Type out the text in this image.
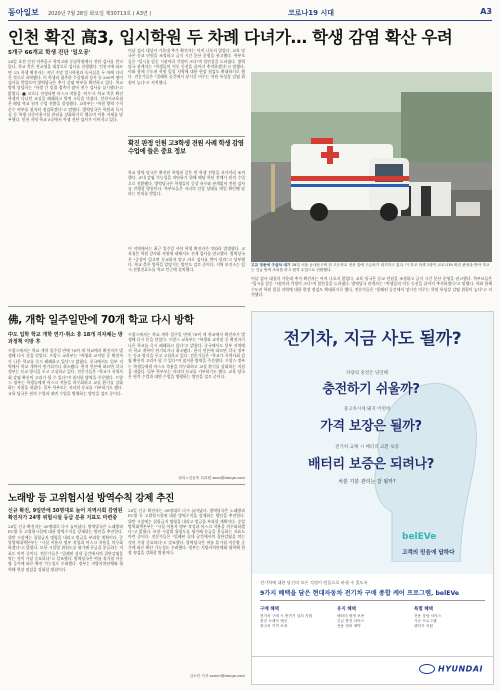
동아일보 2020년 7월 28일 화요일 제30713호 ( A3면 )	코로나19 시대	A3
인천 확진 高3, 입시학원 두 차례 다녀가… 학생 감염 확산 우려
5개구 66개교 학생 진단 '일오공'
28일 오전 인천 미추홀구 학익고와 동남학원에서 진단 검사를 받고 있다. 학교 측은 전교생을 대상으로 검사를 진행했다. 인천시에 따르면 고3 학생 확진자는 지난 주말 입시학원과 독서실을 두 차례 다녀간 것으로 파악됐다. 이 학생과 접촉한 수강생과 강사 등 200여 명이 검사를 받았으며 방역당국은 추가 감염 여부를 확인하고 있다. 학교 방역 담당자는 "학생 간 밀접 접촉이 많아 전수 검사를 실시했다"고 밝혔다. ■ 코로나 진정되면 마스크 착용을 '의무'로 학교 측은 확진 학생이 다니던 교실을 폐쇄하고 방역 소독을 마쳤다. 인천시교육청은 해당 학교 원격 수업 전환을 결정했다. 교육부는 "학원 방역 수칙 준수 여부를 철저히 점검하겠다"고 말했다. 방역당국은 학원과 독서실 등 학생 다중이용시설 관리를 강화하기로 했으며 이용 자제를 당부했다. 인천 지역 학교 5곳에서 학생 진단 검사가 이어지고 있다.
이날 검사 대상자 가운데 추가 확진자는 아직 나오지 않았다. 교육 당국은 등교 인원을 조정하고 급식 시간 분산 운영을 권고했다. 학부모들은 "입시를 앞둔 시점이라 걱정이 크다"며 불안감을 드러냈다. 방역당국 관계자는 "학생들의 이동 동선을 끝까지 추적하겠다"고 말했다. 이와 함께 수도권 학원 밀집 지역에 대한 현장 점검도 확대하기로 했다. 전문가들은 "밀폐된 공간에서 장시간 머무는 학원 특성상 감염 위험이 높다"고 지적했다.
확진 판정 인원 고3학생 전원 사례 학생 감염 수업에 들은 중요 정보
학교 방역 당국은 확진된 학생과 같은 반 학생 전원을 자가격리 조치했다. 교내 감염 가능성을 차단하기 위해 해당 학년 전체가 원격 수업으로 전환됐다. 방역당국은 학생들의 증상 유무와 관계없이 전원 검사를 진행할 방침이다. 학부모들은 자녀의 건강 상태를 매일 확인해 달라는 안내를 받았다.
이 지역에서는 최근 일주일 사이 학생 확진자가 잇따라 발생했다. 교육청은 학원 강사와 직원에 대해서도 선제 검사를 권고했다. 방역당국은 "증상이 있으면 등교하지 말고 바로 검사를 받아 달라"고 당부했다. 학교 측은 방학을 앞당기는 방안도 검토 중이다. 지역 보건소는 임시 선별진료소를 학교 인근에 설치했다.
고교 정문에 구급차 대기 28일 서울 동대문구의 한 고등학교 정문 앞에 구급차가 대기하고 있다. 이 학교 학생 1명이 코로나19 확진 판정을 받아 학교는 긴급 방역 조치를 하고 원격 수업으로 전환했다.
이날 검사 대상자 가운데 추가 확진자는 아직 나오지 않았다. 교육 당국은 등교 인원을 조정하고 급식 시간 분산 운영을 권고했다. 학부모들은 "입시를 앞둔 시점이라 걱정이 크다"며 불안감을 드러냈다. 방역당국 관계자는 "학생들의 이동 동선을 끝까지 추적하겠다"고 말했다. 이와 함께 수도권 학원 밀집 지역에 대한 현장 점검도 확대하기로 했다. 전문가들은 "밀폐된 공간에서 장시간 머무는 학원 특성상 감염 위험이 높다"고 지적했다.
佛, 개학 일주일만에 70개 학교 다시 방학
中도 입학 학교 개학 연기·취소 휴 18개 지자체는 방과정책 이방 후
프랑스에서는 학교 개학 일주일 만에 70여 개 학교에서 확진자가 발생해 다시 문을 닫았다. 프랑스 교육부는 "학생과 교직원 중 확진자가 나온 학교를 즉시 폐쇄하고 있다"고 밝혔다. 중국에서도 일부 지역에서 학교 개학이 연기되거나 취소됐다. 현지 언론에 따르면 각국 정부는 등교 방식을 두고 고심하고 있다. 전문가들은 "학교가 지역사회 감염 확산의 고리가 될 수 있다"며 철저한 방역을 주문했다. 프랑스 정부는 학생들에게 마스크 착용을 의무화하고 교실 환기를 강화하는 지침을 내렸다. 일부 학부모는 자녀의 등교를 거부하기도 했다. 교육 당국은 원격 수업과 대면 수업을 병행하는 방안을 검토 중이다.
프랑스에서는 학교 개학 일주일 만에 70여 개 학교에서 확진자가 발생해 다시 문을 닫았다. 프랑스 교육부는 "학생과 교직원 중 확진자가 나온 학교를 즉시 폐쇄하고 있다"고 밝혔다. 중국에서도 일부 지역에서 학교 개학이 연기되거나 취소됐다. 현지 언론에 따르면 각국 정부는 등교 방식을 두고 고심하고 있다. 전문가들은 "학교가 지역사회 감염 확산의 고리가 될 수 있다"며 철저한 방역을 주문했다. 프랑스 정부는 학생들에게 마스크 착용을 의무화하고 교실 환기를 강화하는 지침을 내렸다. 일부 학부모는 자녀의 등교를 거부하기도 했다. 교육 당국은 원격 수업과 대면 수업을 병행하는 방안을 검토 중이다.
파리=김윤종 특파원 zozo@donga.com
노래방 등 고위험시설 방역수칙 강제 추진
신규 확진, 9일만에 30명대로 늘어 지역사회 감염된 확진자가 24명 위험시설 등급 분류 지표도 마련중
28일 신규 확진자는 30명대로 다시 늘어났다. 방역당국은 노래방과 PC방 등 고위험시설에 대한 방역수칙을 강제하는 방안을 추진한다. 위반 시설에는 집합금지 명령을 내리고 벌금을 부과할 계획이다. 중앙방역대책본부는 "시설 이용자 명부 작성과 마스크 착용을 의무화하겠다"고 밝혔다. 또한 시설별 위험도를 평가해 등급을 분류하는 지표도 마련 중이다. 전문가들은 "밀폐된 실내 공간에서의 집단감염을 막는 것이 가장 중요하다"고 강조했다. 방역당국은 여름 휴가철 이동량 증가에 따른 확산 가능성도 우려했다. 정부는 지방자치단체와 협력해 현장 점검을 강화할 방침이다.
28일 신규 확진자는 30명대로 다시 늘어났다. 방역당국은 노래방과 PC방 등 고위험시설에 대한 방역수칙을 강제하는 방안을 추진한다. 위반 시설에는 집합금지 명령을 내리고 벌금을 부과할 계획이다. 중앙방역대책본부는 "시설 이용자 명부 작성과 마스크 착용을 의무화하겠다"고 밝혔다. 또한 시설별 위험도를 평가해 등급을 분류하는 지표도 마련 중이다. 전문가들은 "밀폐된 실내 공간에서의 집단감염을 막는 것이 가장 중요하다"고 강조했다. 방역당국은 여름 휴가철 이동량 증가에 따른 확산 가능성도 우려했다. 정부는 지방자치단체와 협력해 현장 점검을 강화할 방침이다.
김소민 기자 somin@donga.com
전기차, 지금 사도 될까?
차량의 충전은 당연해
충전하기 쉬울까?
중고차시세 돼지 어떤데
가격 보장은 될까?
전기차 교체 시 배터리 교환 보증
배터리 보증은 되려나?
차분 기분 관리는 잘 될까?
belEVe
고객의 믿음에 답하다
전기차에 대한 당신의 모든 걱정이 믿음으로 바뀔 수 있도록
9가지 혜택을 담은 현대자동차 전기차 구매 종합 케어 프로그램, belEVe
구매 혜택
전기차 구매 시 충전기 설치 지원
충전 크레딧 제공
중고차 가격 보장
유지 혜택
배터리 평생 보증
긴급 충전 서비스
전용 정비 예약
특별 혜택
전용 상담 서비스
시승 프로그램
렌터카 지원
HYUNDAI
